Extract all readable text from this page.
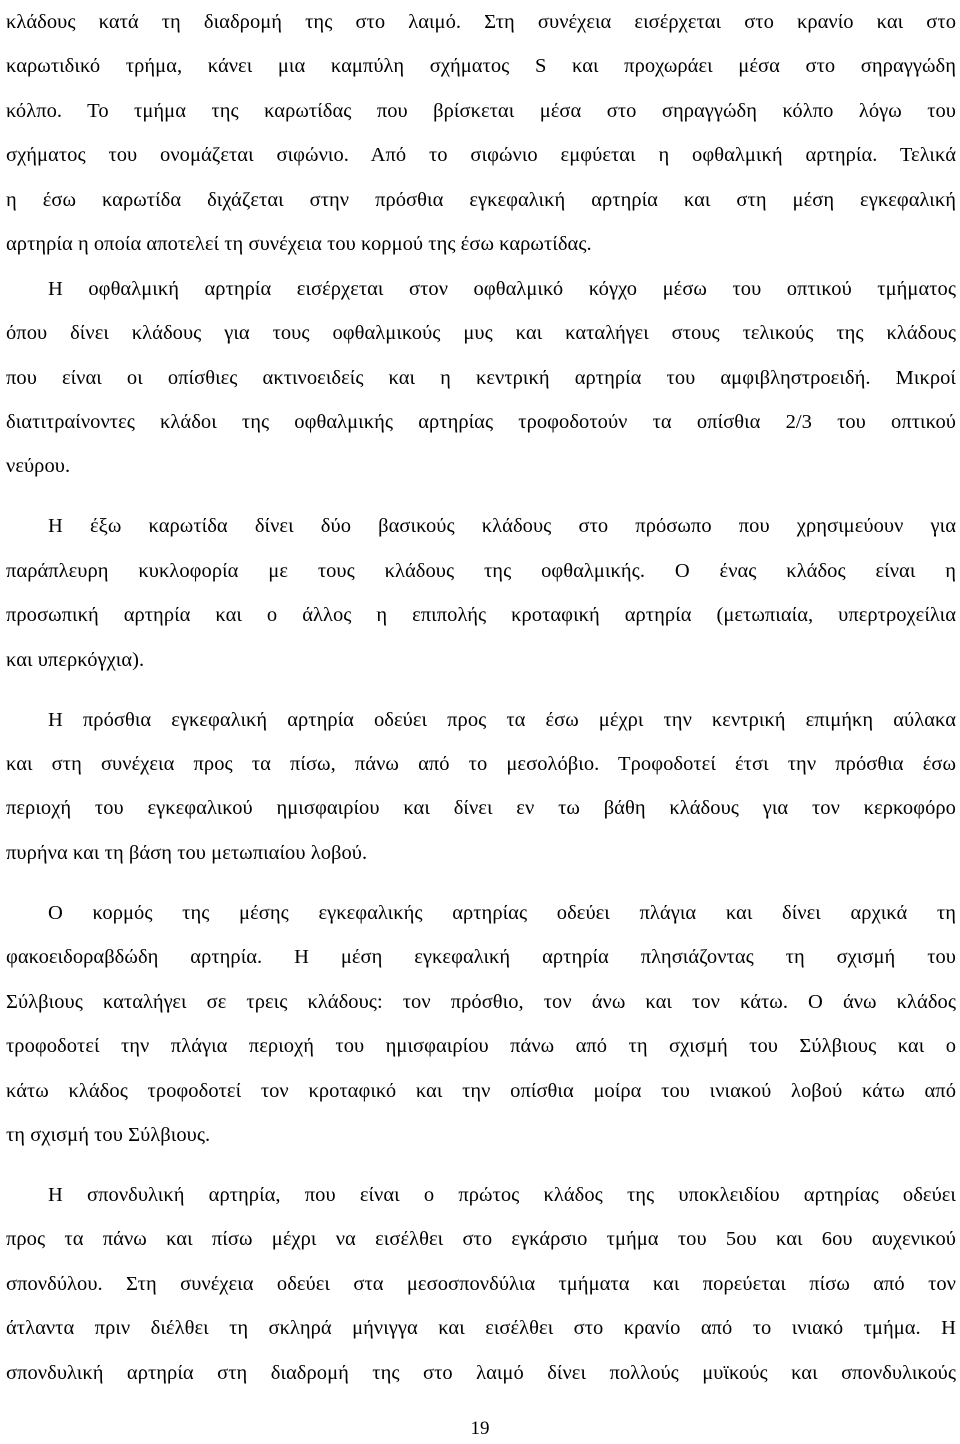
κλάδους κατά τη διαδρομή της στο λαιμό. Στη συνέχεια εισέρχεται στο κρανίο και στο
καρωτιδικό τρήμα, κάνει μια καμπύλη σχήματος S και προχωράει μέσα στο σηραγγώδη
κόλπο. Το τμήμα της καρωτίδας που βρίσκεται μέσα στο σηραγγώδη κόλπο λόγω του
σχήματος του ονομάζεται σιφώνιο. Από το σιφώνιο εμφύεται η οφθαλμική αρτηρία. Τελικά
η έσω καρωτίδα διχάζεται στην πρόσθια εγκεφαλική αρτηρία και στη μέση εγκεφαλική
αρτηρία η οποία αποτελεί τη συνέχεια του κορμού της έσω καρωτίδας.
Η οφθαλμική αρτηρία εισέρχεται στον οφθαλμικό κόγχο μέσω του οπτικού τμήματος
όπου δίνει κλάδους για τους οφθαλμικούς μυς και καταλήγει στους τελικούς της κλάδους
που είναι οι οπίσθιες ακτινοειδείς και η κεντρική αρτηρία του αμφιβληστροειδή. Μικροί
διατιτραίνοντες κλάδοι της οφθαλμικής αρτηρίας τροφοδοτούν τα οπίσθια 2/3 του οπτικού
νεύρου.
Η έξω καρωτίδα δίνει δύο βασικούς κλάδους στο πρόσωπο που χρησιμεύουν για
παράπλευρη κυκλοφορία με τους κλάδους της οφθαλμικής. Ο ένας κλάδος είναι η
προσωπική αρτηρία και ο άλλος η επιπολής κροταφική αρτηρία (μετωπιαία, υπερτροχείλια
και υπερκόγχια).
Η πρόσθια εγκεφαλική αρτηρία οδεύει προς τα έσω μέχρι την κεντρική επιμήκη αύλακα
και στη συνέχεια προς τα πίσω, πάνω από το μεσολόβιο. Τροφοδοτεί έτσι την πρόσθια έσω
περιοχή του εγκεφαλικού ημισφαιρίου και δίνει εν τω βάθη κλάδους για τον κερκοφόρο
πυρήνα και τη βάση του μετωπιαίου λοβού.
Ο κορμός της μέσης εγκεφαλικής αρτηρίας οδεύει πλάγια και δίνει αρχικά τη
φακοειδοραβδώδη αρτηρία. Η μέση εγκεφαλική αρτηρία πλησιάζοντας τη σχισμή του
Σύλβιους καταλήγει σε τρεις κλάδους: τον πρόσθιο, τον άνω και τον κάτω. Ο άνω κλάδος
τροφοδοτεί την πλάγια περιοχή του ημισφαιρίου πάνω από τη σχισμή του Σύλβιους και ο
κάτω κλάδος τροφοδοτεί τον κροταφικό και την οπίσθια μοίρα του ινιακού λοβού κάτω από
τη σχισμή του Σύλβιους.
Η σπονδυλική αρτηρία, που είναι ο πρώτος κλάδος της υποκλειδίου αρτηρίας οδεύει
προς τα πάνω και πίσω μέχρι να εισέλθει στο εγκάρσιο τμήμα του 5ου και 6ου αυχενικού
σπονδύλου. Στη συνέχεια οδεύει στα μεσοσπονδύλια τμήματα και πορεύεται πίσω από τον
άτλαντα πριν διέλθει τη σκληρά μήνιγγα και εισέλθει στο κρανίο από το ινιακό τμήμα. Η
σπονδυλική αρτηρία στη διαδρομή της στο λαιμό δίνει πολλούς μυϊκούς και σπονδυλικούς
19
